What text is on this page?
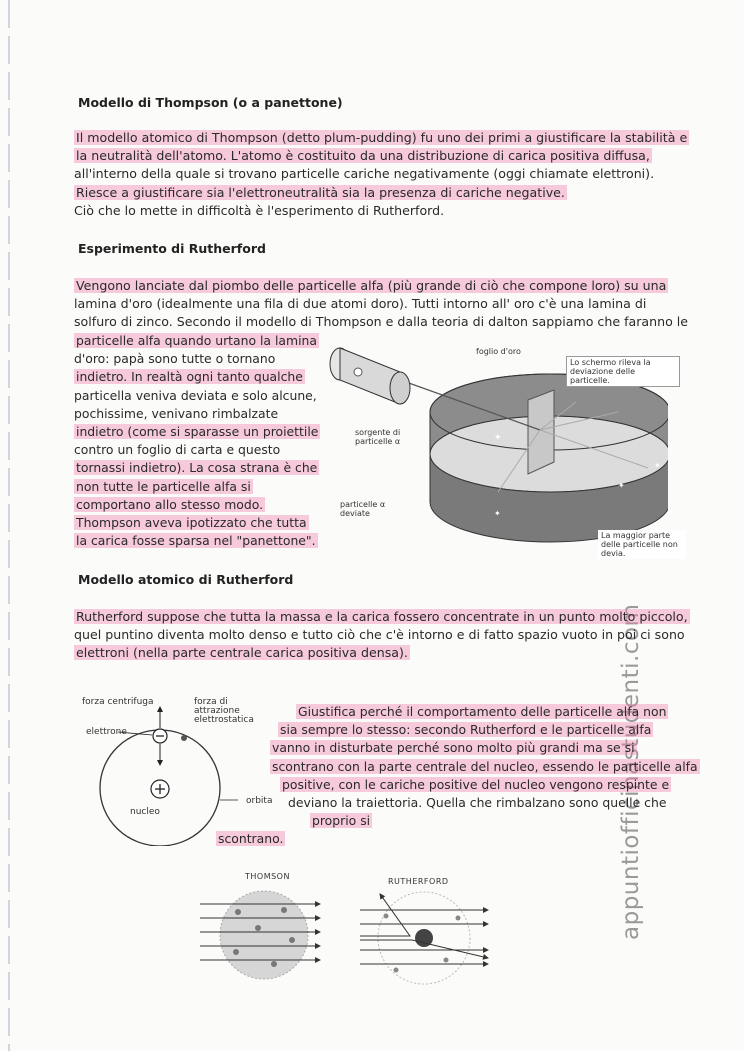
appuntiofficinastudenti.com
Modello di Thompson (o a panettone)
Il modello atomico di Thompson (detto plum-pudding) fu uno dei primi a giustificare la stabilità e
la neutralità dell'atomo. L'atomo è costituito da una distribuzione di carica positiva diffusa,
all'interno della quale si trovano particelle cariche negativamente (oggi chiamate elettroni).
Riesce a giustificare sia l'elettroneutralità sia la presenza di cariche negative.
Ciò che lo mette in difficoltà è l'esperimento di Rutherford.
Esperimento di Rutherford
Vengono lanciate dal piombo delle particelle alfa (più grande di ciò che compone loro) su una
lamina d'oro (idealmente una fila di due atomi doro). Tutti intorno all' oro c'è una lamina di
solfuro di zinco. Secondo il modello di Thompson e dalla teoria di dalton sappiamo che faranno le
particelle alfa quando urtano la lamina
d'oro: papà sono tutte o tornano
indietro. In realtà ogni tanto qualche
particella veniva deviata e solo alcune,
pochissime, venivano rimbalzate
indietro (come si sparasse un proiettile
contro un foglio di carta e questo
tornassi indietro). La cosa strana è che
non tutte le particelle alfa si
comportano allo stesso modo.
Thompson aveva ipotizzato che tutta
la carica fosse sparsa nel "panettone".
✦
✦
✦
✦
foglio d'oro
Lo schermo rileva la deviazione delle particelle.
sorgente di particelle α
particelle α deviate
La maggior parte delle particelle non devia.
Modello atomico di Rutherford
Rutherford suppose che tutta la massa e la carica fossero concentrate in un punto molto piccolo,
quel puntino diventa molto denso e tutto ciò che c'è intorno e di fatto spazio vuoto in poi ci sono
elettroni (nella parte centrale carica positiva densa).
forza centrifuga	forza di attrazione elettrostatica
elettrone
nucleo
orbita
Giustifica perché il comportamento delle particelle alfa non
sia sempre lo stesso: secondo Rutherford e le particelle alfa
vanno in disturbate perché sono molto più grandi ma se si
scontrano con la parte centrale del nucleo, essendo le particelle alfa
positive, con le cariche positive del nucleo vengono respinte e
deviano la traiettoria. Quella che rimbalzano sono quelle che
proprio si
scontrano.
THOMSON
RUTHERFORD
